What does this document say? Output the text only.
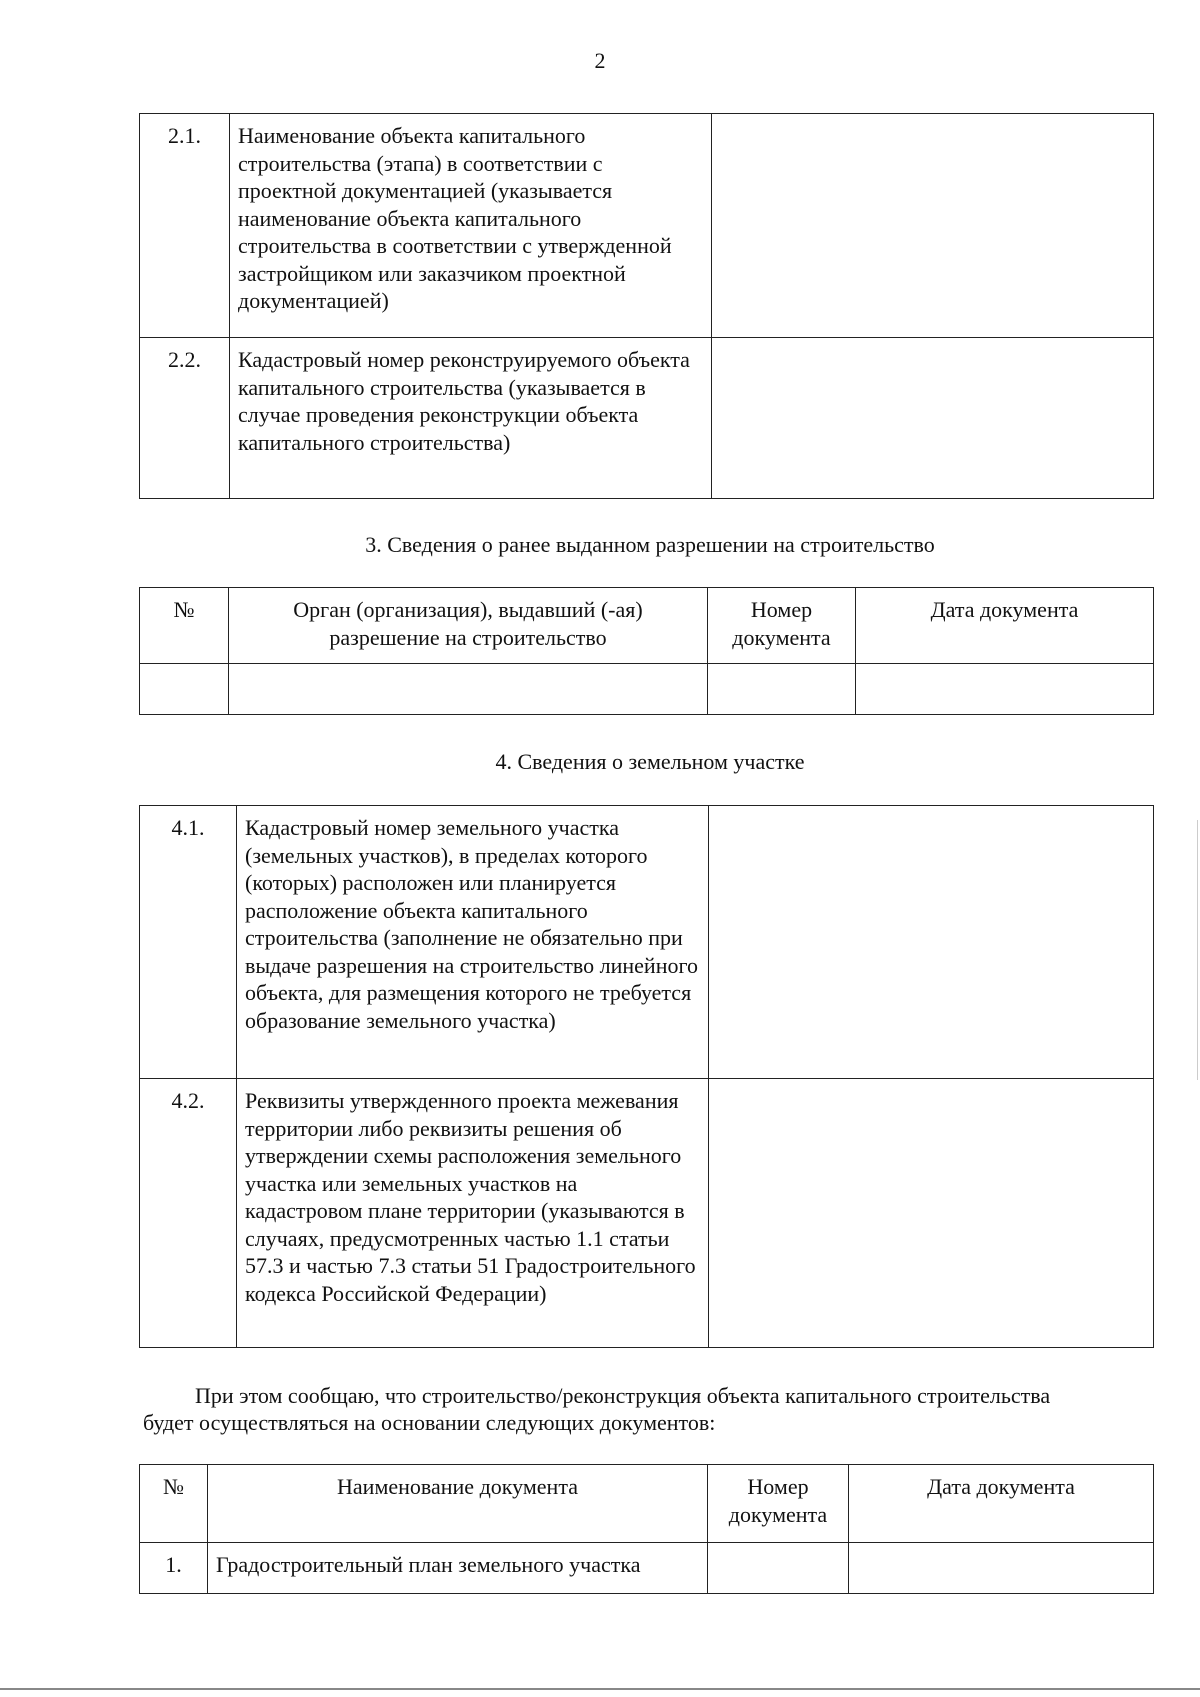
2
2.1.	Наименование объекта капитального строительства (этапа) в соответствии с проектной документацией (указывается наименование объекта капитального строительства в соответствии с утвержденной застройщиком или заказчиком проектной документацией)	
2.2.	Кадастровый номер реконструируемого объекта капитального строительства (указывается в случае проведения реконструкции объекта капитального строительства)	
3. Сведения о ранее выданном разрешении на строительство
№	Орган (организация), выдавший (-ая) разрешение на строительство	Номер документа	Дата документа

4. Сведения о земельном участке
4.1.	Кадастровый номер земельного участка (земельных участков), в пределах которого (которых) расположен или планируется расположение объекта капитального строительства (заполнение не обязательно при выдаче разрешения на строительство линейного объекта, для размещения которого не требуется образование земельного участка)	
4.2.	Реквизиты утвержденного проекта межевания территории либо реквизиты решения об утверждении схемы расположения земельного участка или земельных участков на кадастровом плане территории (указываются в случаях, предусмотренных частью 1.1 статьи 57.3 и частью 7.3 статьи 51 Градостроительного кодекса Российской Федерации)	
При этом сообщаю, что строительство/реконструкция объекта капитального строительства
будет осуществляться на основании следующих документов:
№	Наименование документа	Номер документа	Дата документа
1.	Градостроительный план земельного участка		
